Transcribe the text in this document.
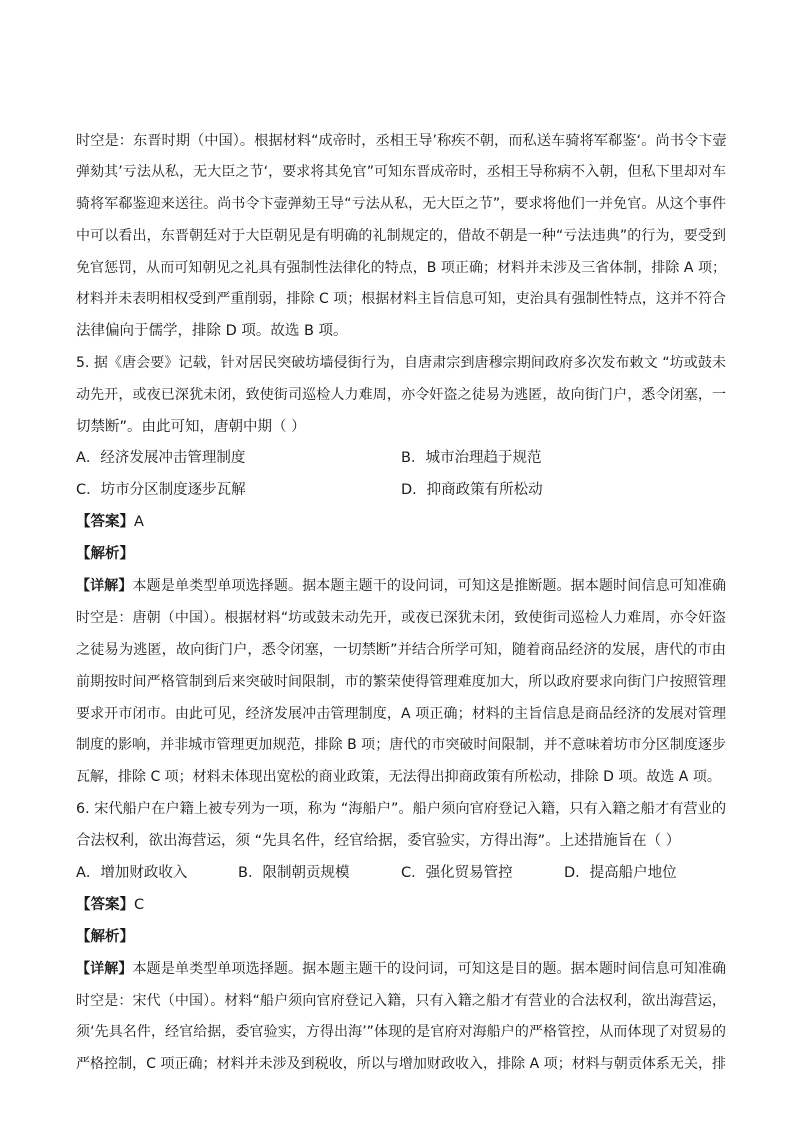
时空是：东晋时期（中国）。根据材料“成帝时，丞相王导’称疾不朝，而私送车骑将军郗鉴‘。尚书令卞壸
弹劾其’亏法从私，无大臣之节‘，要求将其免官”可知东晋成帝时，丞相王导称病不入朝，但私下里却对车
骑将军郗鉴迎来送往。尚书令卞壸弹劾王导“亏法从私，无大臣之节”，要求将他们一并免官。从这个事件
中可以看出，东晋朝廷对于大臣朝见是有明确的礼制规定的，借故不朝是一种“亏法违典”的行为，要受到
免官惩罚，从而可知朝见之礼具有强制性法律化的特点，B 项正确；材料并未涉及三省体制，排除 A 项；
材料并未表明相权受到严重削弱，排除 C 项；根据材料主旨信息可知，吏治具有强制性特点，这并不符合
法律偏向于儒学，排除 D 项。故选 B 项。
5. 据《唐会要》记载，针对居民突破坊墙侵街行为，自唐肃宗到唐穆宗期间政府多次发布敕文 “坊或鼓未
动先开，或夜已深犹未闭，致使街司巡检人力难周，亦令奸盗之徒易为逃匿，故向街门户，悉令闭塞，一
切禁断”。由此可知，唐朝中期（ ）
A．经济发展冲击管理制度	B．城市治理趋于规范
C．坊市分区制度逐步瓦解	D．抑商政策有所松动
【答案】A
【解析】
【详解】本题是单类型单项选择题。据本题主题干的设问词，可知这是推断题。据本题时间信息可知准确
时空是：唐朝（中国）。根据材料“坊或鼓未动先开，或夜已深犹未闭，致使街司巡检人力难周，亦令奸盗
之徒易为逃匿，故向街门户，悉令闭塞，一切禁断”并结合所学可知，随着商品经济的发展，唐代的市由
前期按时间严格管制到后来突破时间限制，市的繁荣使得管理难度加大，所以政府要求向街门户按照管理
要求开市闭市。由此可见，经济发展冲击管理制度，A 项正确；材料的主旨信息是商品经济的发展对管理
制度的影响，并非城市管理更加规范，排除 B 项；唐代的市突破时间限制，并不意味着坊市分区制度逐步
瓦解，排除 C 项；材料未体现出宽松的商业政策，无法得出抑商政策有所松动，排除 D 项。故选 A 项。
6. 宋代船户在户籍上被专列为一项，称为 “海船户”。船户须向官府登记入籍，只有入籍之船才有营业的
合法权利，欲出海营运，须 “先具名件，经官给据，委官验实，方得出海”。上述措施旨在（ ）
A．增加财政收入	B．限制朝贡规模	C．强化贸易管控	D．提高船户地位
【答案】C
【解析】
【详解】本题是单类型单项选择题。据本题主题干的设问词，可知这是目的题。据本题时间信息可知准确
时空是：宋代（中国）。材料“船户须向官府登记入籍，只有入籍之船才有营业的合法权利，欲出海营运，
须‘先具名件，经官给据，委官验实，方得出海’”体现的是官府对海船户的严格管控，从而体现了对贸易的
严格控制，C 项正确；材料并未涉及到税收，所以与增加财政收入，排除 A 项；材料与朝贡体系无关，排
